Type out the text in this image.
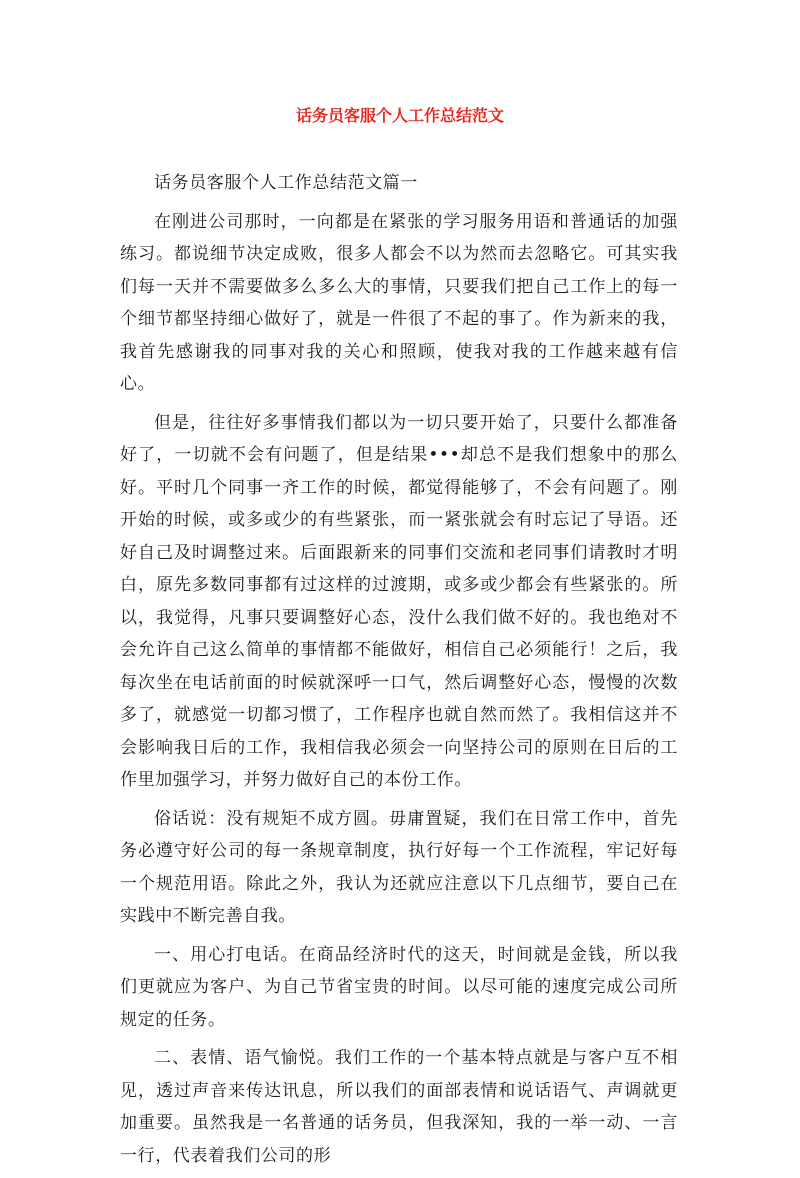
话务员客服个人工作总结范文

话务员客服个人工作总结范文篇一

在刚进公司那时，一向都是在紧张的学习服务用语和普通话的加强练习。都说细节决定成败，很多人都会不以为然而去忽略它。可其实我们每一天并不需要做多么多么大的事情，只要我们把自己工作上的每一个细节都坚持细心做好了，就是一件很了不起的事了。作为新来的我，我首先感谢我的同事对我的关心和照顾，使我对我的工作越来越有信心。

但是，往往好多事情我们都以为一切只要开始了，只要什么都准备好了，一切就不会有问题了，但是结果•••却总不是我们想象中的那么好。平时几个同事一齐工作的时候，都觉得能够了，不会有问题了。刚开始的时候，或多或少的有些紧张，而一紧张就会有时忘记了导语。还好自己及时调整过来。后面跟新来的同事们交流和老同事们请教时才明白，原先多数同事都有过这样的过渡期，或多或少都会有些紧张的。所以，我觉得，凡事只要调整好心态，没什么我们做不好的。我也绝对不会允许自己这么简单的事情都不能做好，相信自己必须能行！之后，我每次坐在电话前面的时候就深呼一口气，然后调整好心态，慢慢的次数多了，就感觉一切都习惯了，工作程序也就自然而然了。我相信这并不会影响我日后的工作，我相信我必须会一向坚持公司的原则在日后的工作里加强学习，并努力做好自己的本份工作。

俗话说：没有规矩不成方圆。毋庸置疑，我们在日常工作中，首先务必遵守好公司的每一条规章制度，执行好每一个工作流程，牢记好每一个规范用语。除此之外，我认为还就应注意以下几点细节，要自己在实践中不断完善自我。

一、用心打电话。在商品经济时代的这天，时间就是金钱，所以我们更就应为客户、为自己节省宝贵的时间。以尽可能的速度完成公司所规定的任务。

二、表情、语气愉悦。我们工作的一个基本特点就是与客户互不相见，透过声音来传达讯息，所以我们的面部表情和说话语气、声调就更加重要。虽然我是一名普通的话务员，但我深知，我的一举一动、一言一行，代表着我们公司的形
